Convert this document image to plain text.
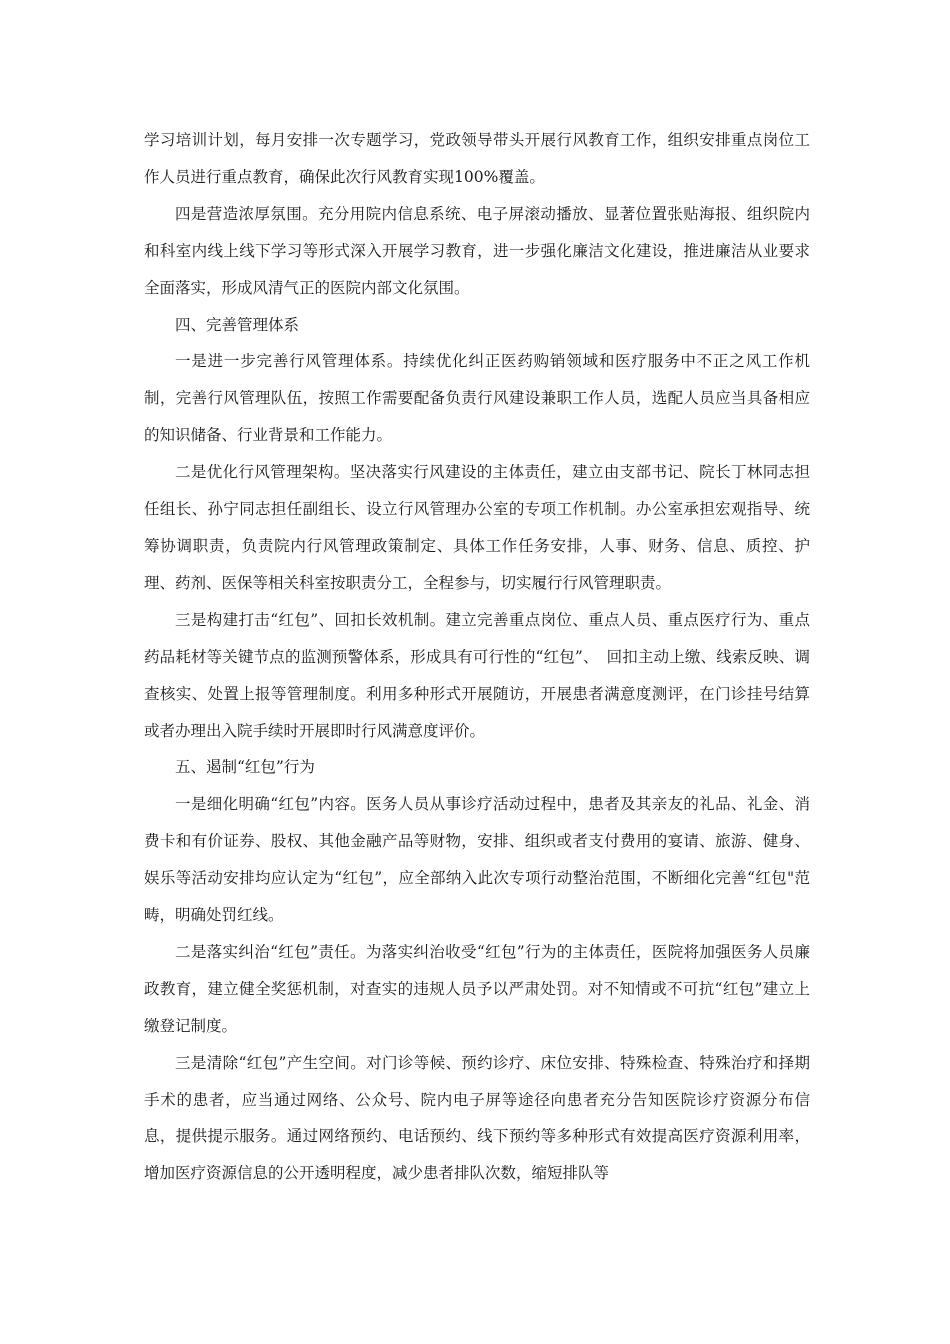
学习培训计划，每月安排一次专题学习，党政领导带头开展行风教育工作，组织安排重点岗位工作人员进行重点教育，确保此次行风教育实现100%覆盖。

四是营造浓厚氛围。充分用院内信息系统、电子屏滚动播放、显著位置张贴海报、组织院内和科室内线上线下学习等形式深入开展学习教育，进一步强化廉洁文化建设，推进廉洁从业要求全面落实，形成风清气正的医院内部文化氛围。

四、完善管理体系

一是进一步完善行风管理体系。持续优化纠正医药购销领域和医疗服务中不正之风工作机制，完善行风管理队伍，按照工作需要配备负责行风建设兼职工作人员，选配人员应当具备相应的知识储备、行业背景和工作能力。

二是优化行风管理架构。坚决落实行风建设的主体责任，建立由支部书记、院长丁林同志担任组长、孙宁同志担任副组长、设立行风管理办公室的专项工作机制。办公室承担宏观指导、统筹协调职责，负责院内行风管理政策制定、具体工作任务安排，人事、财务、信息、质控、护理、药剂、医保等相关科室按职责分工，全程参与，切实履行行风管理职责。

三是构建打击“红包”、回扣长效机制。建立完善重点岗位、重点人员、重点医疗行为、重点药品耗材等关键节点的监测预警体系，形成具有可行性的“红包”、　回扣主动上缴、线索反映、调查核实、处置上报等管理制度。利用多种形式开展随访，开展患者满意度测评，在门诊挂号结算或者办理出入院手续时开展即时行风满意度评价。

五、遏制“红包”行为

一是细化明确“红包”内容。医务人员从事诊疗活动过程中，患者及其亲友的礼品、礼金、消费卡和有价证券、股权、其他金融产品等财物，安排、组织或者支付费用的宴请、旅游、健身、娱乐等活动安排均应认定为“红包”，应全部纳入此次专项行动整治范围，不断细化完善“红包"范畴，明确处罚红线。

二是落实纠治“红包”责任。为落实纠治收受“红包”行为的主体责任，医院将加强医务人员廉政教育，建立健全奖惩机制，对查实的违规人员予以严肃处罚。对不知情或不可抗“红包”建立上缴登记制度。

三是清除“红包”产生空间。对门诊等候、预约诊疗、床位安排、特殊检查、特殊治疗和择期手术的患者，应当通过网络、公众号、院内电子屏等途径向患者充分告知医院诊疗资源分布信息，提供提示服务。通过网络预约、电话预约、线下预约等多种形式有效提高医疗资源利用率，增加医疗资源信息的公开透明程度，减少患者排队次数，缩短排队等
